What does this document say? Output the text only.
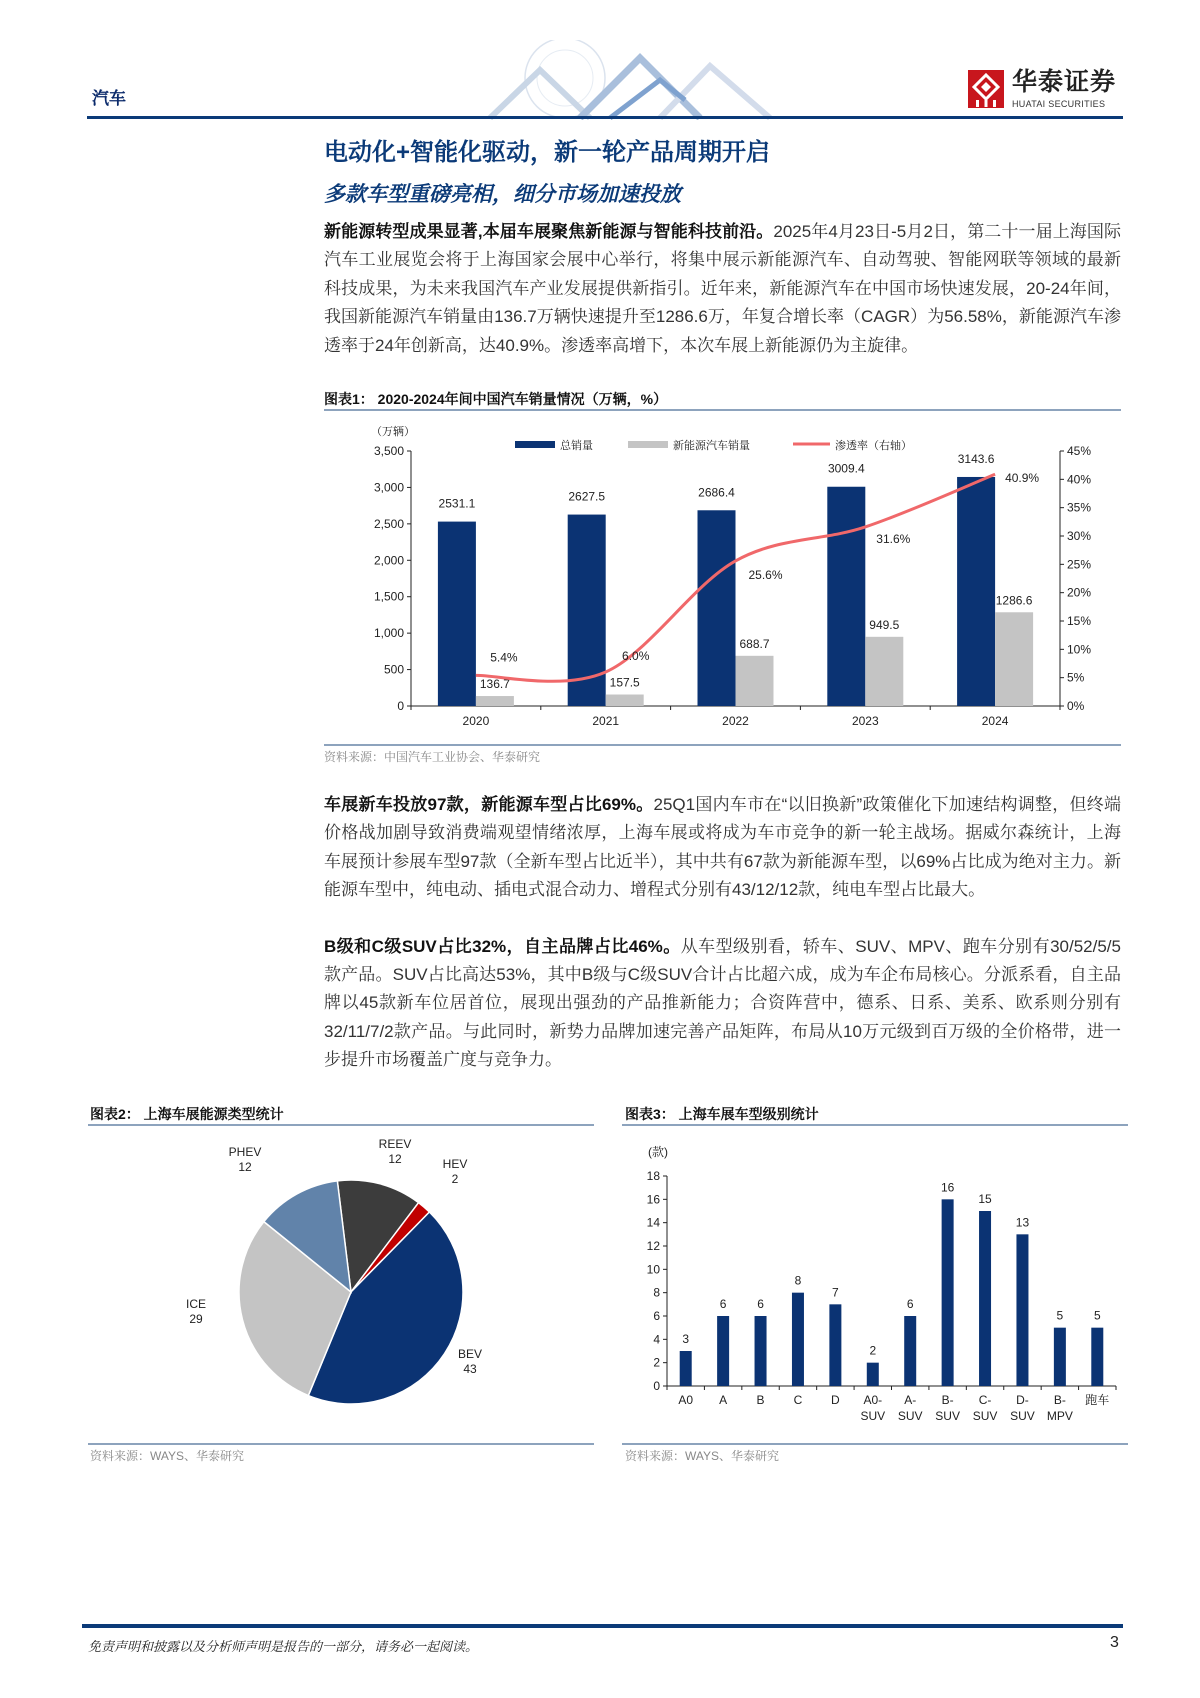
汽车
华泰证券
HUATAI SECURITIES
电动化+智能化驱动，新一轮产品周期开启
多款车型重磅亮相，细分市场加速投放

新能源转型成果显著,本届车展聚焦新能源与智能科技前沿。2025年4月23日-5月2日，第二十一届上海国际汽车工业展览会将于上海国家会展中心举行，将集中展示新能源汽车、自动驾驶、智能网联等领域的最新科技成果，为未来我国汽车产业发展提供新指引。近年来，新能源汽车在中国市场快速发展，20-24年间，我国新能源汽车销量由136.7万辆快速提升至1286.6万，年复合增长率（CAGR）为56.58%，新能源汽车渗透率于24年创新高，达40.9%。渗透率高增下，本次车展上新能源仍为主旋律。

图表1： 2020-2024年间中国汽车销量情况（万辆，%）
（万辆）
0
500
1,000
1,500
2,000
2,500
3,000
3,500
0%
5%
10%
15%
20%
25%
30%
35%
40%
45%
2020
2531.1
136.7
2021
2627.5
157.5
2022
2686.4
688.7
2023
3009.4
949.5
2024
3143.6
1286.6
5.4%	6.0%
25.6%
31.6%
40.9%
总销量	新能源汽车销量	渗透率（右轴）
资料来源：中国汽车工业协会、华泰研究

车展新车投放97款，新能源车型占比69%。25Q1国内车市在“以旧换新”政策催化下加速结构调整，但终端价格战加剧导致消费端观望情绪浓厚，上海车展或将成为车市竞争的新一轮主战场。据威尔森统计，上海车展预计参展车型97款（全新车型占比近半），其中共有67款为新能源车型，以69%占比成为绝对主力。新能源车型中，纯电动、插电式混合动力、增程式分别有43/12/12款，纯电车型占比最大。

B级和C级SUV占比32%，自主品牌占比46%。从车型级别看，轿车、SUV、MPV、跑车分别有30/52/5/5款产品。SUV占比高达53%，其中B级与C级SUV合计占比超六成，成为车企布局核心。分派系看，自主品牌以45款新车位居首位，展现出强劲的产品推新能力；合资阵营中，德系、日系、美系、欧系则分别有32/11/7/2款产品。与此同时，新势力品牌加速完善产品矩阵，布局从10万元级到百万级的全价格带，进一步提升市场覆盖广度与竞争力。

图表2： 上海车展能源类型统计
REEV
12	HEV
2
BEV
43
ICE
29
PHEV
12
资料来源：WAYS、华泰研究
图表3： 上海车展车型级别统计
(款)
0
2
4
6
8
10
12
14
16
18
3
A0
6
A
6
B
8
C
7
D
2
A0-
SUV
6
A-
SUV
16
B-
SUV
15
C-
SUV
13
D-
SUV
5
B-
MPV
5
跑车
资料来源：WAYS、华泰研究
免责声明和披露以及分析师声明是报告的一部分，请务必一起阅读。	3
